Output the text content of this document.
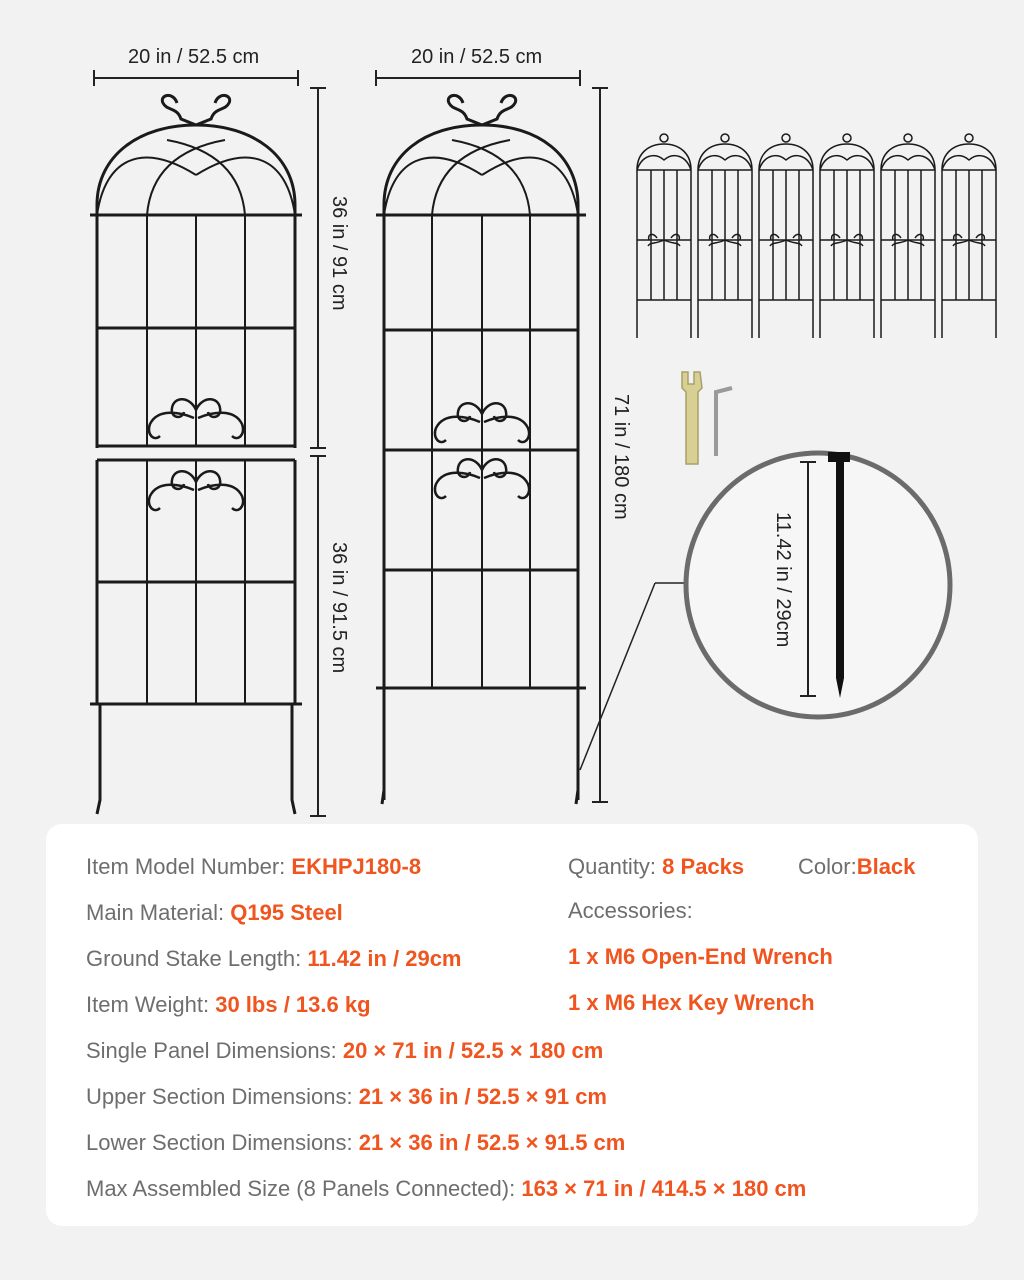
20 in / 52.5 cm	20 in / 52.5 cm
36 in / 91 cm
36 in / 91.5 cm
71 in / 180 cm
11.42 in / 29cm
Item Model Number: EKHPJ180-8	Quantity: 8 Packs Color:Black
Main Material: Q195 Steel	Accessories:
Ground Stake Length: 11.42 in / 29cm	1 x M6 Open-End Wrench
Item Weight: 30 lbs / 13.6 kg	1 x M6 Hex Key Wrench
Single Panel Dimensions: 20 × 71 in / 52.5 × 180 cm
Upper Section Dimensions: 21 × 36 in / 52.5 × 91 cm
Lower Section Dimensions: 21 × 36 in / 52.5 × 91.5 cm
Max Assembled Size (8 Panels Connected): 163 × 71 in / 414.5 × 180 cm
